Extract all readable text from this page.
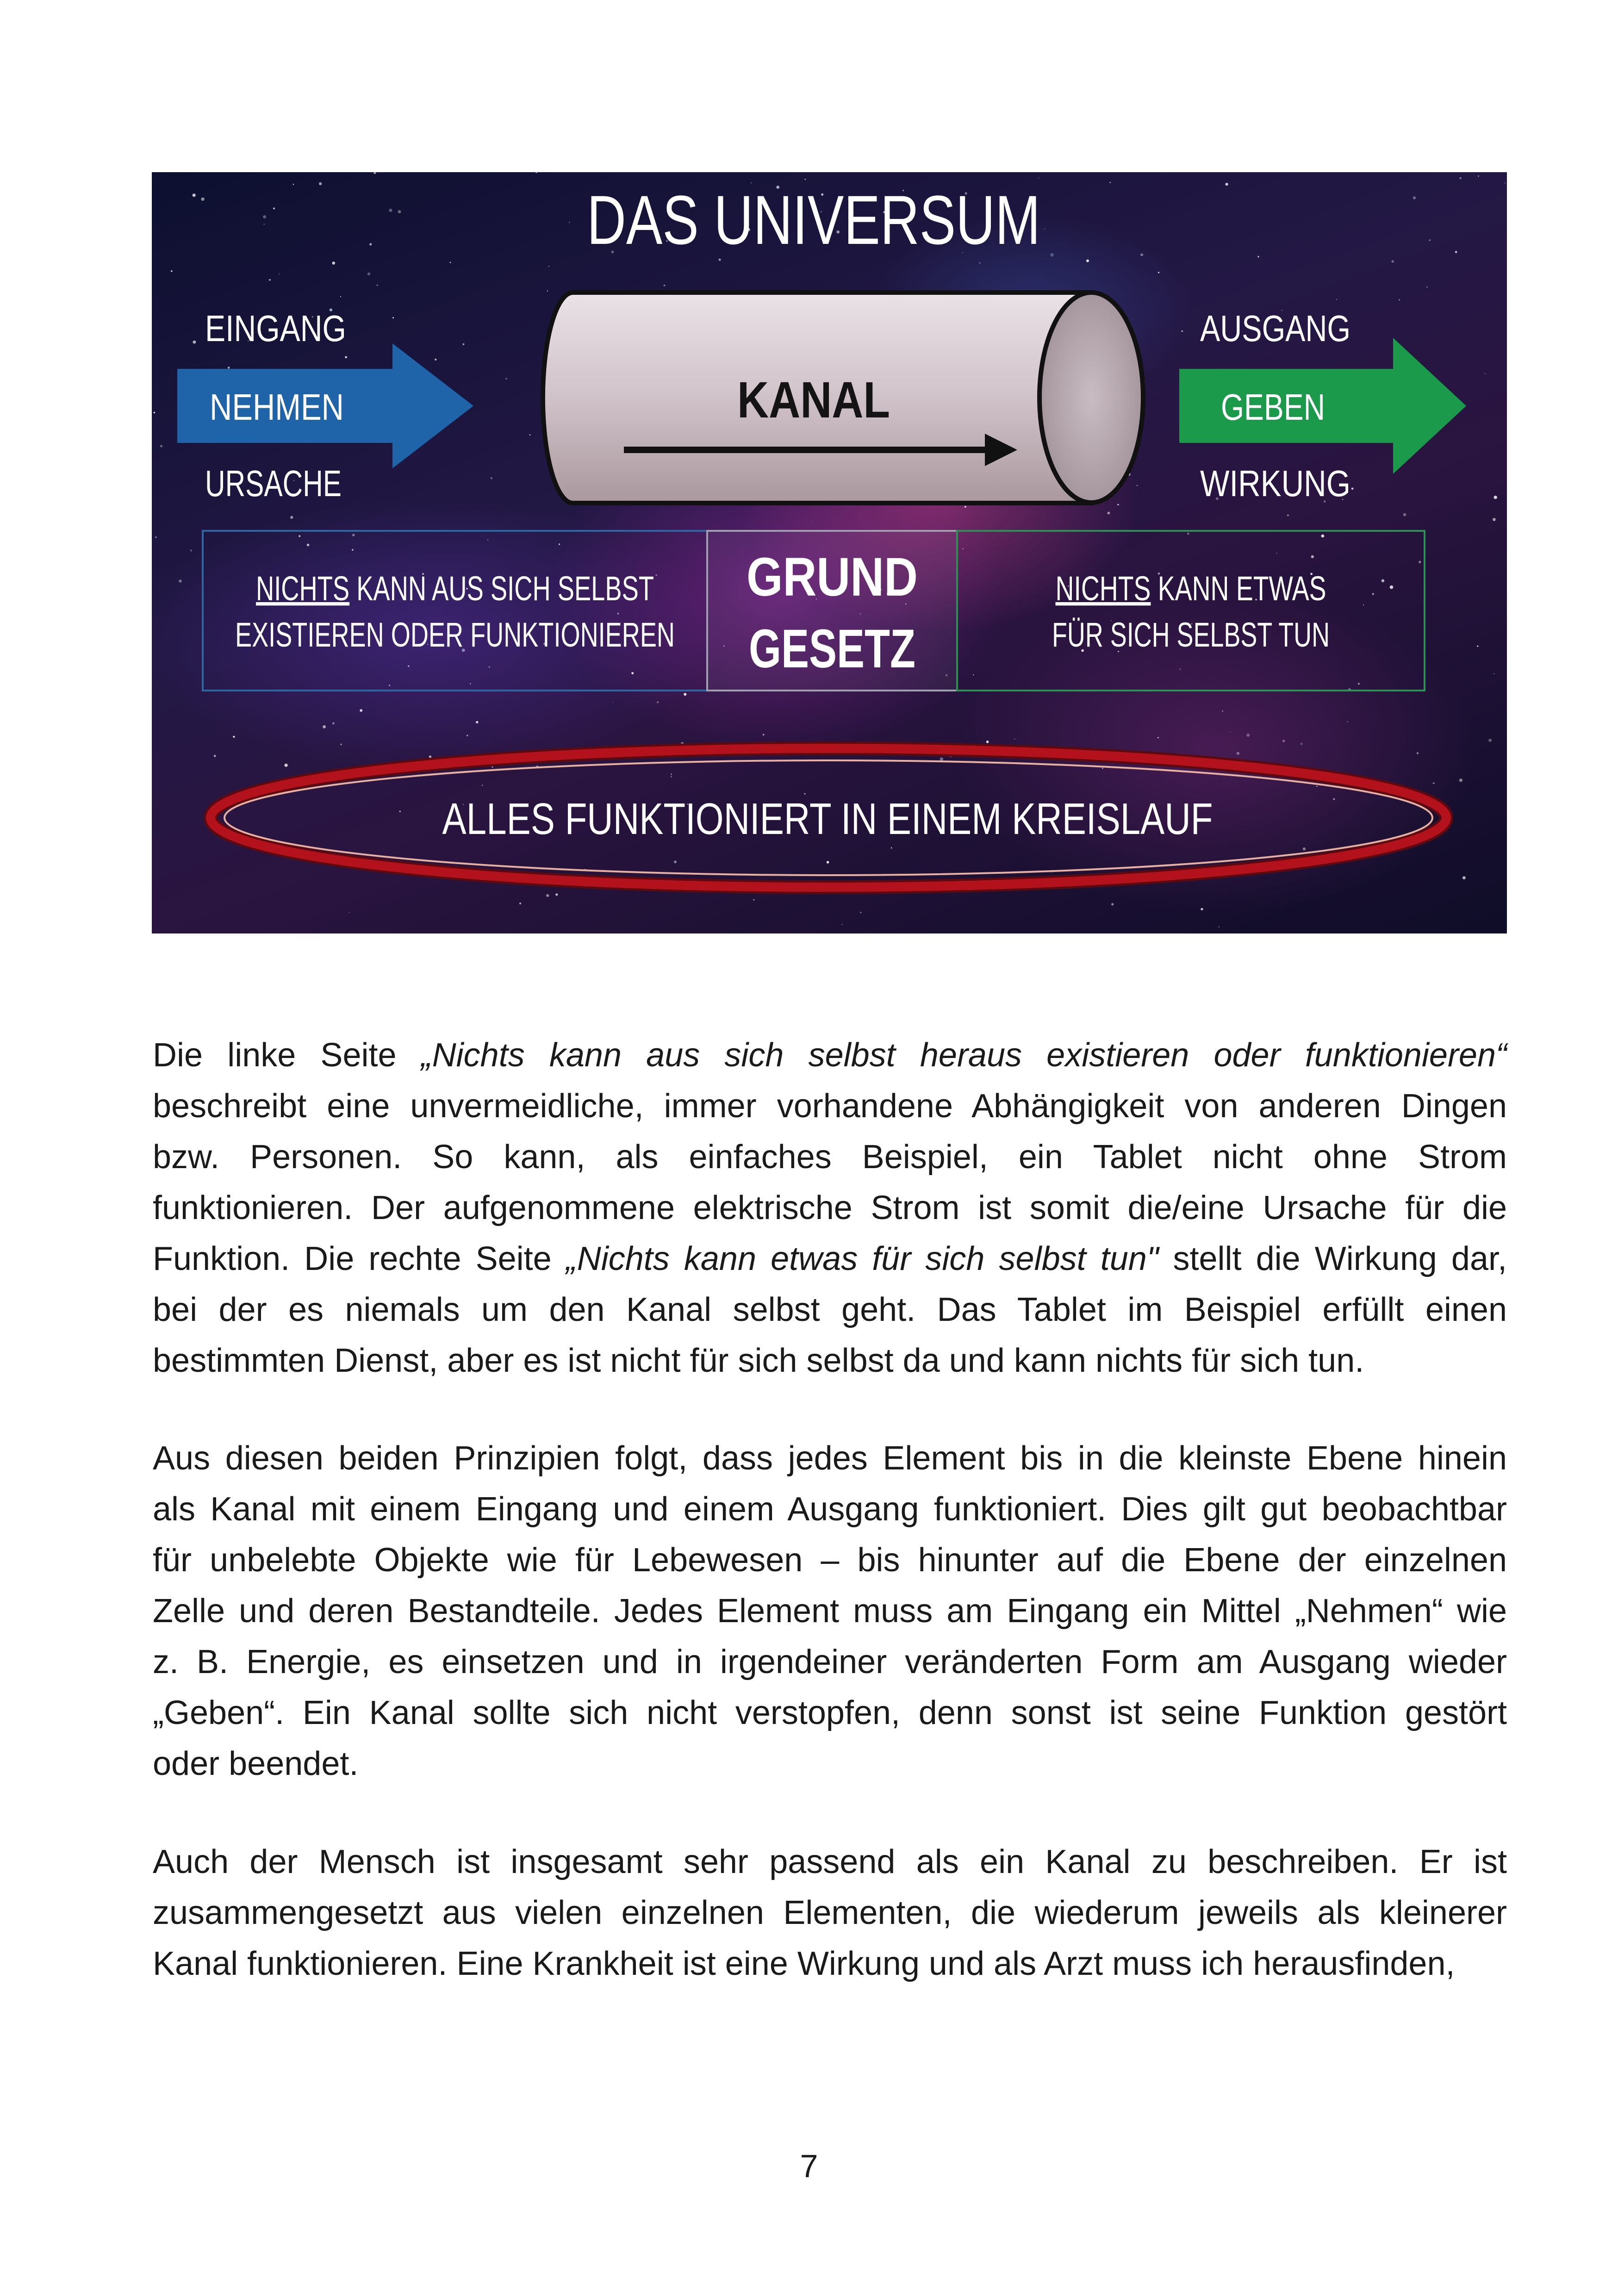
DAS UNIVERSUM
EINGANG
NEHMEN
URSACHE
KANAL
AUSGANG
GEBEN
WIRKUNG
NICHTS KANN AUS SICH SELBST
EXISTIEREN ODER FUNKTIONIEREN
GRUND
GESETZ
NICHTS KANN ETWAS
FÜR SICH SELBST TUN
ALLES FUNKTIONIERT IN EINEM KREISLAUF
Die linke Seite „Nichts kann aus sich selbst heraus existieren oder funktionieren“
beschreibt eine unvermeidliche, immer vorhandene Abhängigkeit von anderen Dingen
bzw. Personen. So kann, als einfaches Beispiel, ein Tablet nicht ohne Strom
funktionieren. Der aufgenommene elektrische Strom ist somit die/eine Ursache für die
Funktion. Die rechte Seite „Nichts kann etwas für sich selbst tun" stellt die Wirkung dar,
bei der es niemals um den Kanal selbst geht. Das Tablet im Beispiel erfüllt einen
bestimmten Dienst, aber es ist nicht für sich selbst da und kann nichts für sich tun.
Aus diesen beiden Prinzipien folgt, dass jedes Element bis in die kleinste Ebene hinein
als Kanal mit einem Eingang und einem Ausgang funktioniert. Dies gilt gut beobachtbar
für unbelebte Objekte wie für Lebewesen – bis hinunter auf die Ebene der einzelnen
Zelle und deren Bestandteile. Jedes Element muss am Eingang ein Mittel „Nehmen“ wie
z. B. Energie, es einsetzen und in irgendeiner veränderten Form am Ausgang wieder
„Geben“. Ein Kanal sollte sich nicht verstopfen, denn sonst ist seine Funktion gestört
oder beendet.
Auch der Mensch ist insgesamt sehr passend als ein Kanal zu beschreiben. Er ist
zusammengesetzt aus vielen einzelnen Elementen, die wiederum jeweils als kleinerer
Kanal funktionieren. Eine Krankheit ist eine Wirkung und als Arzt muss ich herausfinden,
7
